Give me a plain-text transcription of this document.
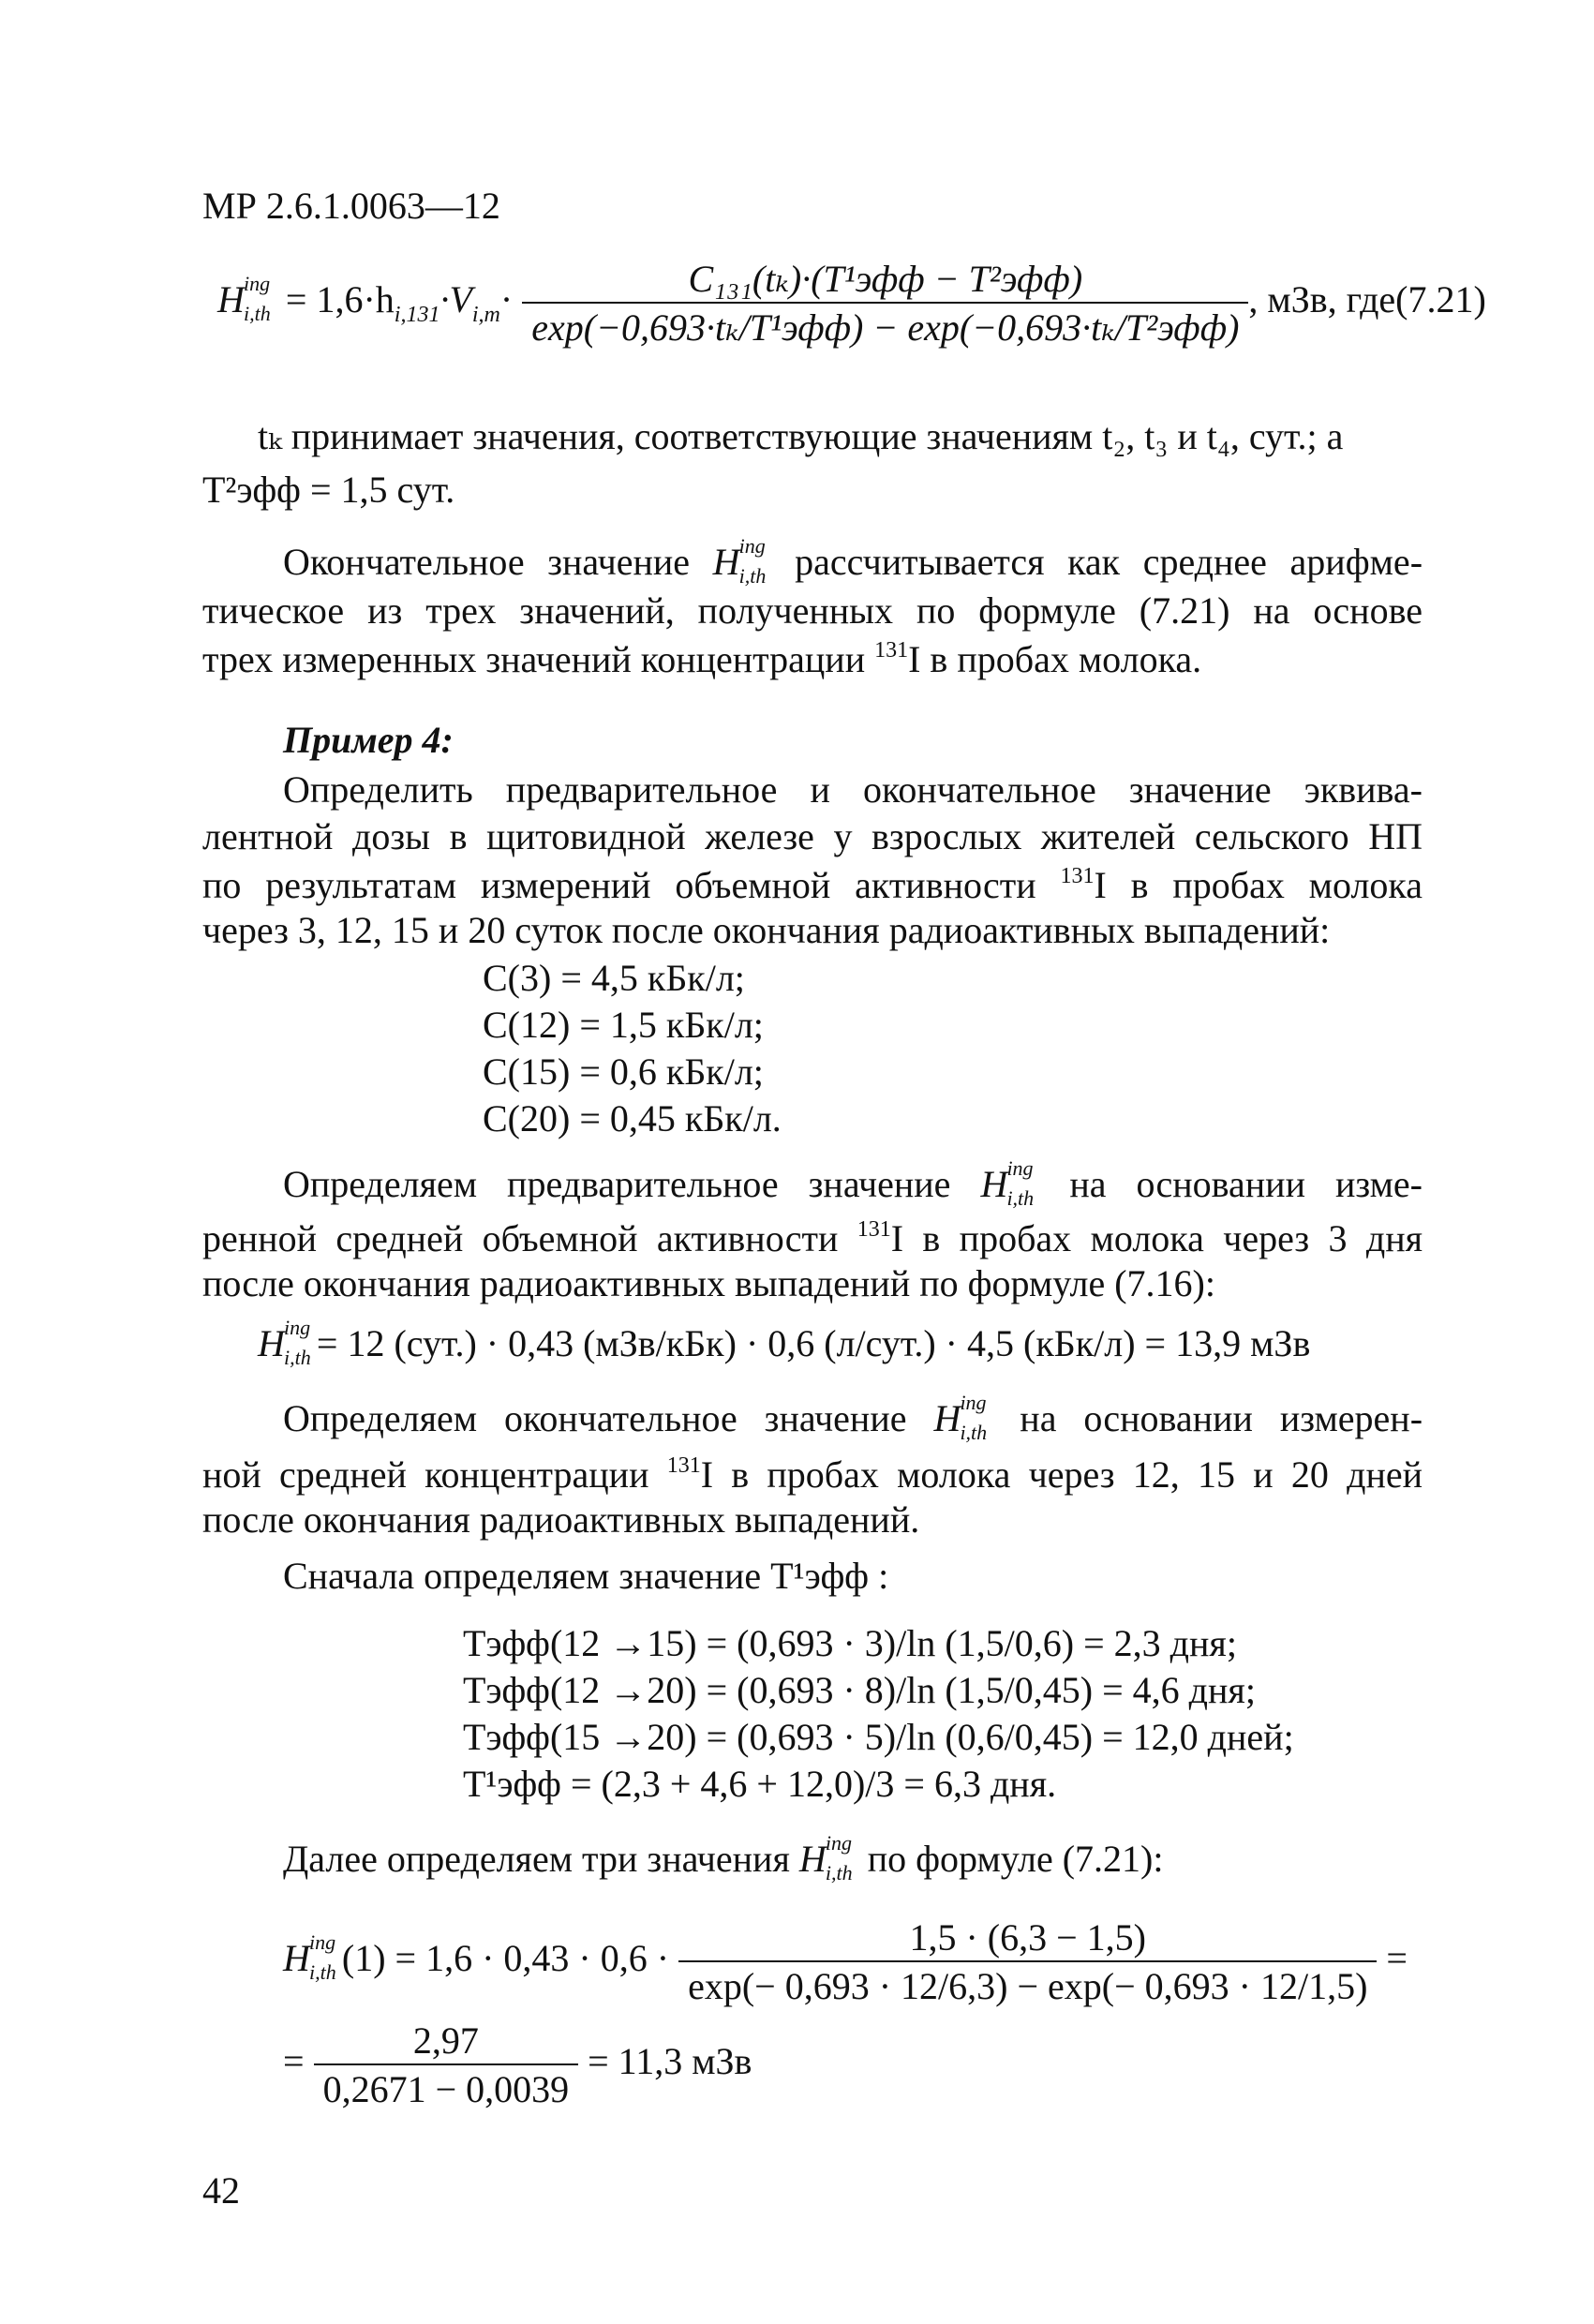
МР 2.6.1.0063—12
H ing
$i,th = 1,6\cdot h_{i,131}\cdot V_{i,m}\cdot \frac{\text{C₁₃₁(tₖ)·(T¹эфф − T²эфф)}}{\text{exp(−0,693·tₖ/T¹эфф) − exp(−0,693·tₖ/T²эфф)}}$ , мЗв, где(7.21)
tₖ принимает значения, соответствующие значениям t₂, t₃ и t₄, сут.; а
T²эфф = 1,5 сут.
Окончательное значение H ing
i,th рассчитывается как среднее арифме-
тическое из трех значений, полученных по формуле (7.21) на основе
трех измеренных значений концентрации $^{131}$I в пробах молока.
Пример 4:
Определить предварительное и окончательное значение эквива-
лентной дозы в щитовидной железе у взрослых жителей сельского НП
по результатам измерений объемной активности $^{131}$I в пробах молока
через 3, 12, 15 и 20 суток после окончания радиоактивных выпадений:
С(3) = 4,5 кБк/л;
С(12) = 1,5 кБк/л;
С(15) = 0,6 кБк/л;
С(20) = 0,45 кБк/л.
Определяем предварительное значение H ing
i,th на основании изме-
ренной средней объемной активности $^{131}$I в пробах молока через 3 дня
после окончания радиоактивных выпадений по формуле (7.16):
H ing
i,th = 12 (сут.) · 0,43 (мЗв/кБк) · 0,6 (л/сут.) · 4,5 (кБк/л) = 13,9 мЗв
Определяем окончательное значение H ing
i,th на основании измерен-
ной средней концентрации $^{131}$I в пробах молока через 12, 15 и 20 дней
после окончания радиоактивных выпадений.
Сначала определяем значение T¹эфф :
Tэфф(12 →15) = (0,693 · 3)/ln (1,5/0,6) = 2,3 дня;
Tэфф(12 →20) = (0,693 · 8)/ln (1,5/0,45) = 4,6 дня;
Tэфф(15 →20) = (0,693 · 5)/ln (0,6/0,45) = 12,0 дней;
T¹эфф = (2,3 + 4,6 + 12,0)/3 = 6,3 дня.
Далее определяем три значения H ing
i,th по формуле (7.21):
H ing
i,th $(1) = 1,6 \cdot 0,43 \cdot 0,6 \cdot \frac{1,5 \cdot (6,3 - 1,5)}{\exp(- 0,693 \cdot 12/6,3) - \exp(- 0,693 \cdot 12/1,5)}$ =
= $\frac{2,97}{0,2671 - 0,0039} = 11,3$ мЗв
42
